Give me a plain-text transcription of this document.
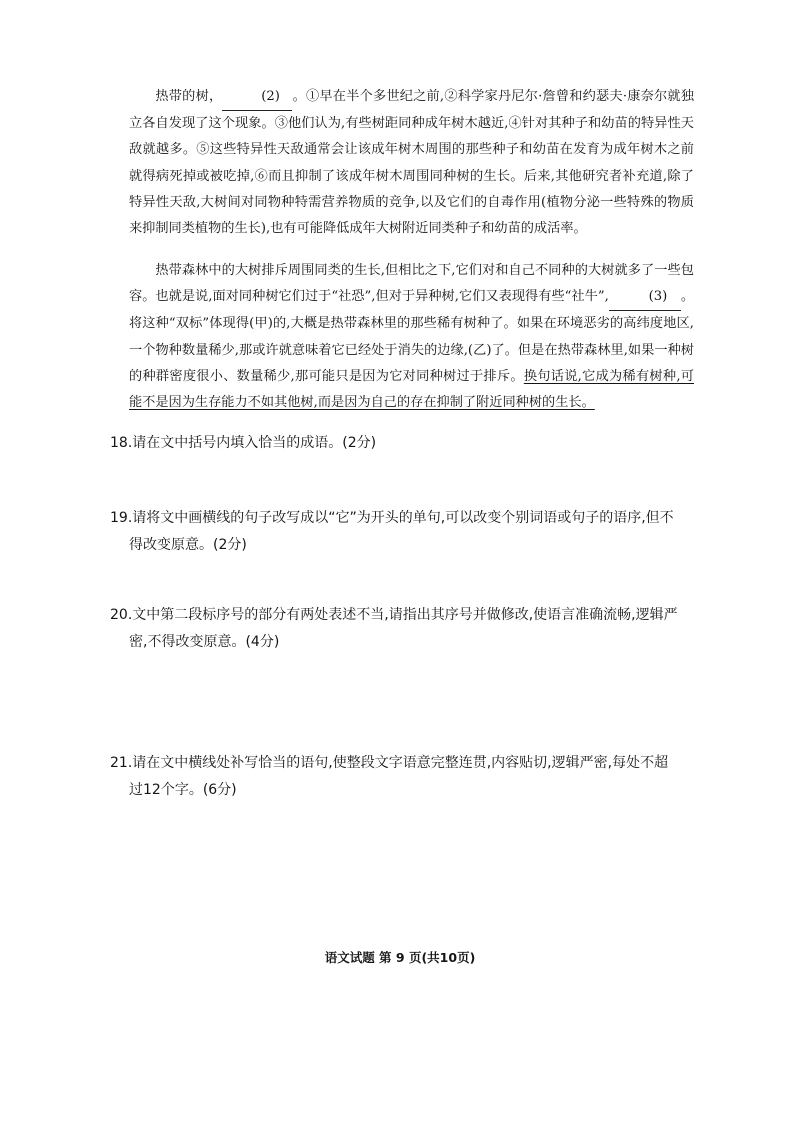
热带的树，	(2) 。①早在半个多世纪之前,②科学家丹尼尔·詹曾和约瑟夫·康奈尔就独立各自发现了这个现象。③他们认为,有些树距同种成年树木越近,④针对其种子和幼苗的特异性天敌就越多。⑤这些特异性天敌通常会让该成年树木周围的那些种子和幼苗在发育为成年树木之前就得病死掉或被吃掉,⑥而且抑制了该成年树木周围同种树的生长。后来,其他研究者补充道,除了特异性天敌,大树间对同物种特需营养物质的竞争,以及它们的自毒作用(植物分泌一些特殊的物质来抑制同类植物的生长),也有可能降低成年大树附近同类种子和幼苗的成活率。
热带森林中的大树排斥周围同类的生长,但相比之下,它们对和自己不同种的大树就多了一些包容。也就是说,面对同种树它们过于“社恐”,但对于异种树,它们又表现得有些“社牛”,	(3) 。将这种“双标”体现得(甲)的,大概是热带森林里的那些稀有树种了。如果在环境恶劣的高纬度地区,一个物种数量稀少,那或许就意味着它已经处于消失的边缘,(乙)了。但是在热带森林里,如果一种树的种群密度很小、数量稀少,那可能只是因为它对同种树过于排斥。换句话说,它成为稀有树种,可能不是因为生存能力不如其他树,而是因为自己的存在抑制了附近同种树的生长。
18.请在文中括号内填入恰当的成语。(2分)
19.请将文中画横线的句子改写成以“它”为开头的单句,可以改变个别词语或句子的语序,但不
得改变原意。(2分)
20.文中第二段标序号的部分有两处表述不当,请指出其序号并做修改,使语言准确流畅,逻辑严
密,不得改变原意。(4分)
21.请在文中横线处补写恰当的语句,使整段文字语意完整连贯,内容贴切,逻辑严密,每处不超
过12个字。(6分)
语文试题 第 9 页(共10页)
